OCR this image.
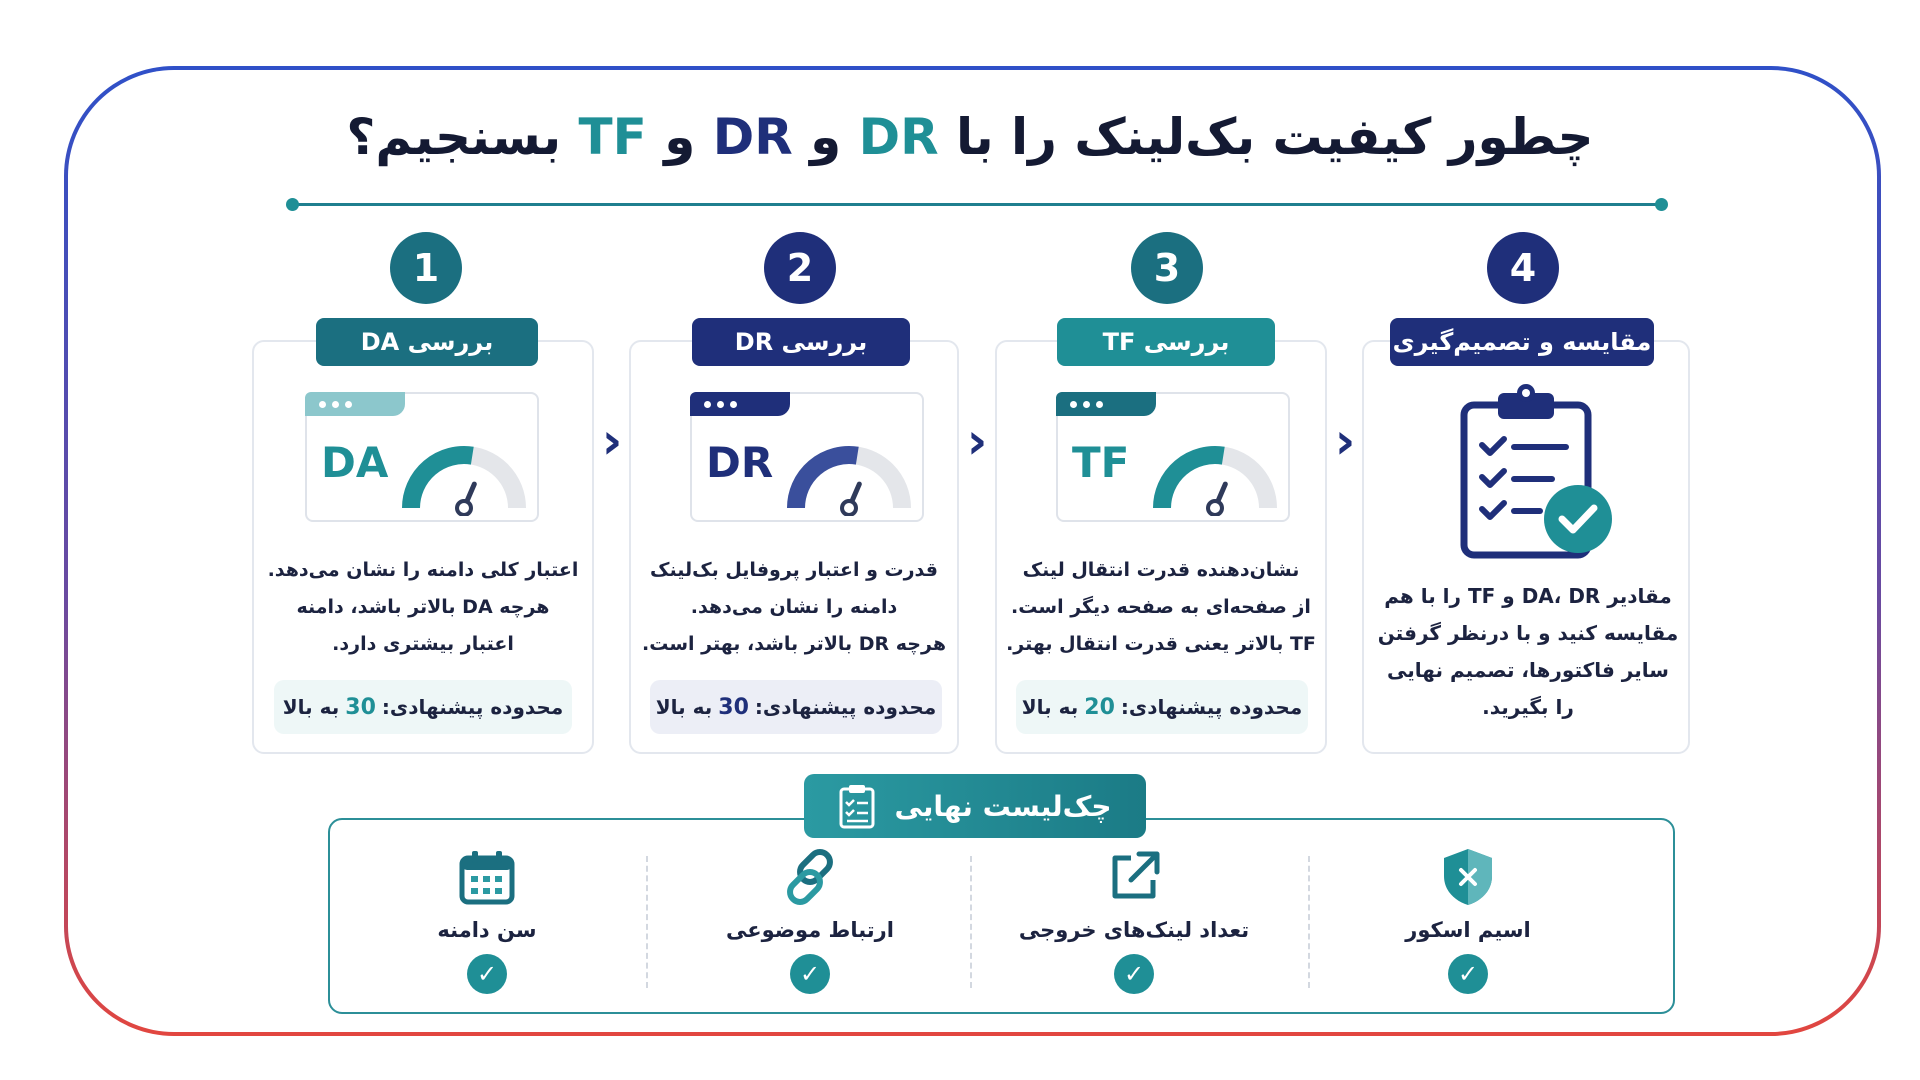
چطور کیفیت بک‌لینک را با DR و DR و TF بسنجیم؟
1	2	3	4
بررسی DA	بررسی DR	بررسی TF	مقایسه و تصمیم‌گیری
DA	DR	TF
›	›	›
اعتبار کلی دامنه را نشان می‌دهد.
هرچه DA بالاتر باشد، دامنه
اعتبار بیشتری دارد.
قدرت و اعتبار پروفایل بک‌لینک
دامنه را نشان می‌دهد.
هرچه DR بالاتر باشد، بهتر است.
نشان‌دهنده قدرت انتقال لینک
از صفحه‌ای به صفحه دیگر است.
TF بالاتر یعنی قدرت انتقال بهتر.
محدوده پیشنهادی:
30
به بالا	محدوده پیشنهادی:
30
به بالا	محدوده پیشنهادی:
20
به بالا
مقادیر DA، DR و TF را با هم
مقایسه کنید و با درنظر گرفتن
سایر فاکتورها، تصمیم نهایی
را بگیرید.
چک‌لیست نهایی
اسیم اسکور
✓
تعداد لینک‌های خروجی
✓
ارتباط موضوعی
✓
سن دامنه
✓
